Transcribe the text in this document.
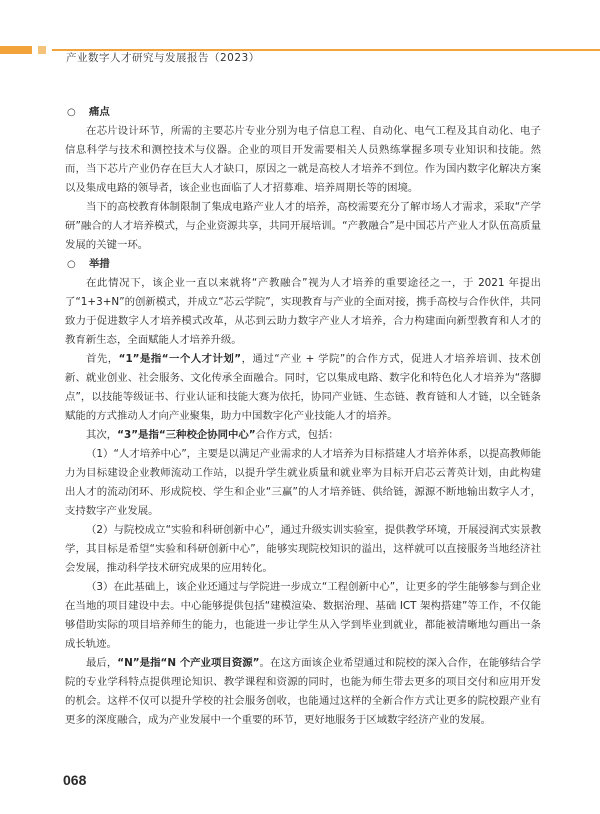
产业数字人才研究与发展报告（2023）
○ 痛点

在芯片设计环节，所需的主要芯片专业分别为电子信息工程、自动化、电气工程及其自动化、电子信息科学与技术和测控技术与仪器。企业的项目开发需要相关人员熟练掌握多项专业知识和技能。然而，当下芯片产业仍存在巨大人才缺口，原因之一就是高校人才培养不到位。作为国内数字化解决方案以及集成电路的领导者，该企业也面临了人才招募难、培养周期长等的困境。

当下的高校教育体制限制了集成电路产业人才的培养，高校需要充分了解市场人才需求，采取“产学研”融合的人才培养模式，与企业资源共享，共同开展培训。“产教融合”是中国芯片产业人才队伍高质量发展的关键一环。

○ 举措

在此情况下，该企业一直以来就将“产教融合”视为人才培养的重要途径之一，于 2021 年提出了“1+3+N”的创新模式，并成立“芯云学院”，实现教育与产业的全面对接，携手高校与合作伙伴，共同致力于促进数字人才培养模式改革，从芯到云助力数字产业人才培养，合力构建面向新型教育和人才的教育新生态，全面赋能人才培养升级。

首先，“1”是指“一个人才计划”，通过“产业 + 学院”的合作方式，促进人才培养培训、技术创新、就业创业、社会服务、文化传承全面融合。同时，它以集成电路、数字化和特色化人才培养为“落脚点”，以技能等级证书、行业认证和技能大赛为依托，协同产业链、生态链、教育链和人才链，以全链条赋能的方式推动人才向产业聚集，助力中国数字化产业技能人才的培养。

其次，“3”是指“三种校企协同中心”合作方式，包括：

（1）“人才培养中心”，主要是以满足产业需求的人才培养为目标搭建人才培养体系，以提高教师能力为目标建设企业教师流动工作站，以提升学生就业质量和就业率为目标开启芯云菁英计划，由此构建出人才的流动闭环、形成院校、学生和企业“三赢”的人才培养链、供给链，源源不断地输出数字人才，支持数字产业发展。

（2）与院校成立“实验和科研创新中心”，通过升级实训实验室，提供教学环境，开展浸润式实景教学，其目标是希望“实验和科研创新中心”，能够实现院校知识的溢出，这样就可以直接服务当地经济社会发展，推动科学技术研究成果的应用转化。

（3）在此基础上，该企业还通过与学院进一步成立“工程创新中心”，让更多的学生能够参与到企业在当地的项目建设中去。中心能够提供包括“建模渲染、数据治理、基础 ICT 架构搭建”等工作，不仅能够借助实际的项目培养师生的能力，也能进一步让学生从入学到毕业到就业，都能被清晰地勾画出一条成长轨迹。

最后，“N”是指“N 个产业项目资源”。在这方面该企业希望通过和院校的深入合作，在能够结合学院的专业学科特点提供理论知识、教学课程和资源的同时，也能为师生带去更多的项目交付和应用开发的机会。这样不仅可以提升学校的社会服务创收，也能通过这样的全新合作方式让更多的院校跟产业有更多的深度融合，成为产业发展中一个重要的环节，更好地服务于区域数字经济产业的发展。

068
